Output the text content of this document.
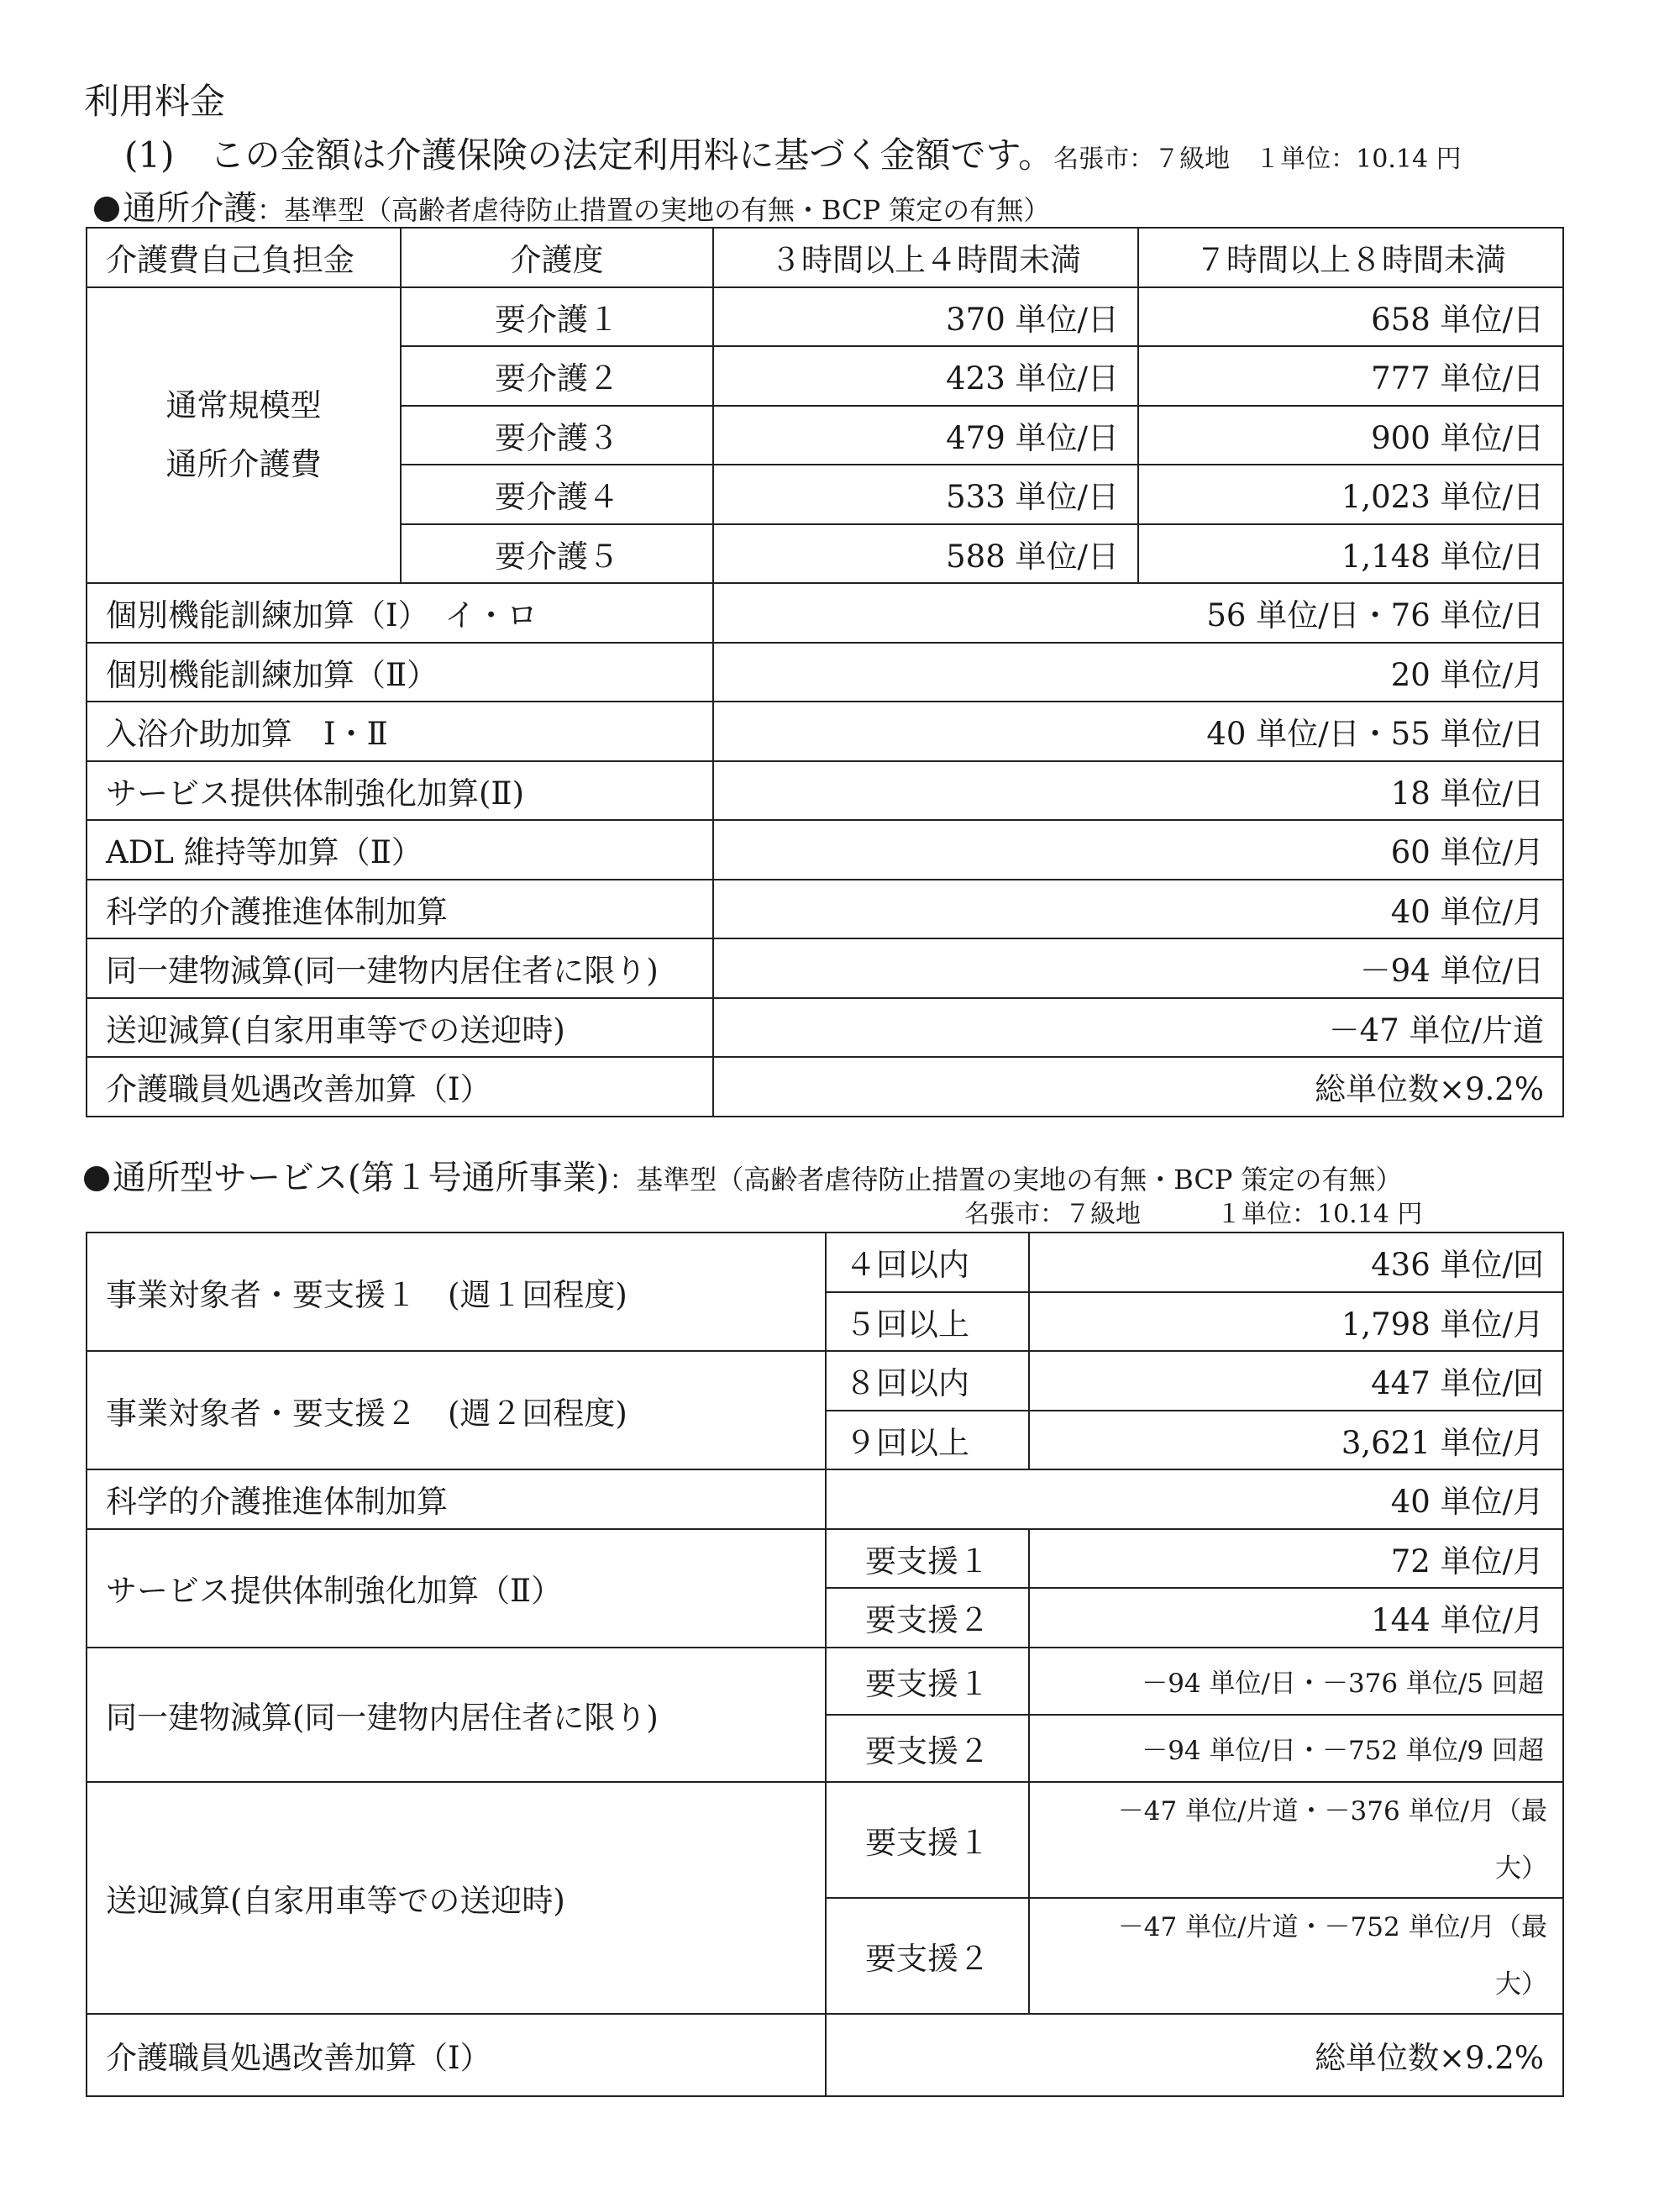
利用料金
(1)　 この金額は介護保険の法定利用料に基づく金額です。名張市：７級地　１単位：10.14 円
通所介護：基準型（高齢者虐待防止措置の実地の有無・BCP 策定の有無）
介護費自己負担金	介護度	３時間以上４時間未満	７時間以上８時間未満

通常規模型
通所介護費	要介護１	370 単位/日	658 単位/日
	要介護２	423 単位/日	777 単位/日
	要介護３	479 単位/日	900 単位/日
	要介護４	533 単位/日	1,023 単位/日
	要介護５	588 単位/日	1,148 単位/日
個別機能訓練加算（Ⅰ）　イ・ロ		56 単位/日・76 単位/日	
個別機能訓練加算（Ⅱ）		20 単位/月	
入浴介助加算　Ⅰ・Ⅱ		40 単位/日・55 単位/日	
サービス提供体制強化加算(Ⅱ)		18 単位/日	
ADL 維持等加算（Ⅱ）		60 単位/月	
科学的介護推進体制加算		40 単位/月	
同一建物減算(同一建物内居住者に限り)		－94 単位/日	
送迎減算(自家用車等での送迎時)		－47 単位/片道	
介護職員処遇改善加算（Ⅰ）		総単位数×9.2%	
通所型サービス(第１号通所事業)：基準型（高齢者虐待防止措置の実地の有無・BCP 策定の有無）
名張市：７級地　　　１単位：10.14 円
事業対象者・要支援１　(週１回程度)	４回以内	436 単位/回
	５回以上	1,798 単位/月
事業対象者・要支援２　(週２回程度)	８回以内	447 単位/回
	９回以上	3,621 単位/月
科学的介護推進体制加算	40 単位/月	
サービス提供体制強化加算（Ⅱ）	要支援１	72 単位/月
	要支援２	144 単位/月
同一建物減算(同一建物内居住者に限り)	要支援１	－94 単位/日・－376 単位/5 回超
	要支援２	－94 単位/日・－752 単位/9 回超
送迎減算(自家用車等での送迎時)	要支援１	－47 単位/片道・－376 単位/月（最
大）

	要支援２	－47 単位/片道・－752 単位/月（最
大）

介護職員処遇改善加算（Ⅰ）	総単位数×9.2%	
